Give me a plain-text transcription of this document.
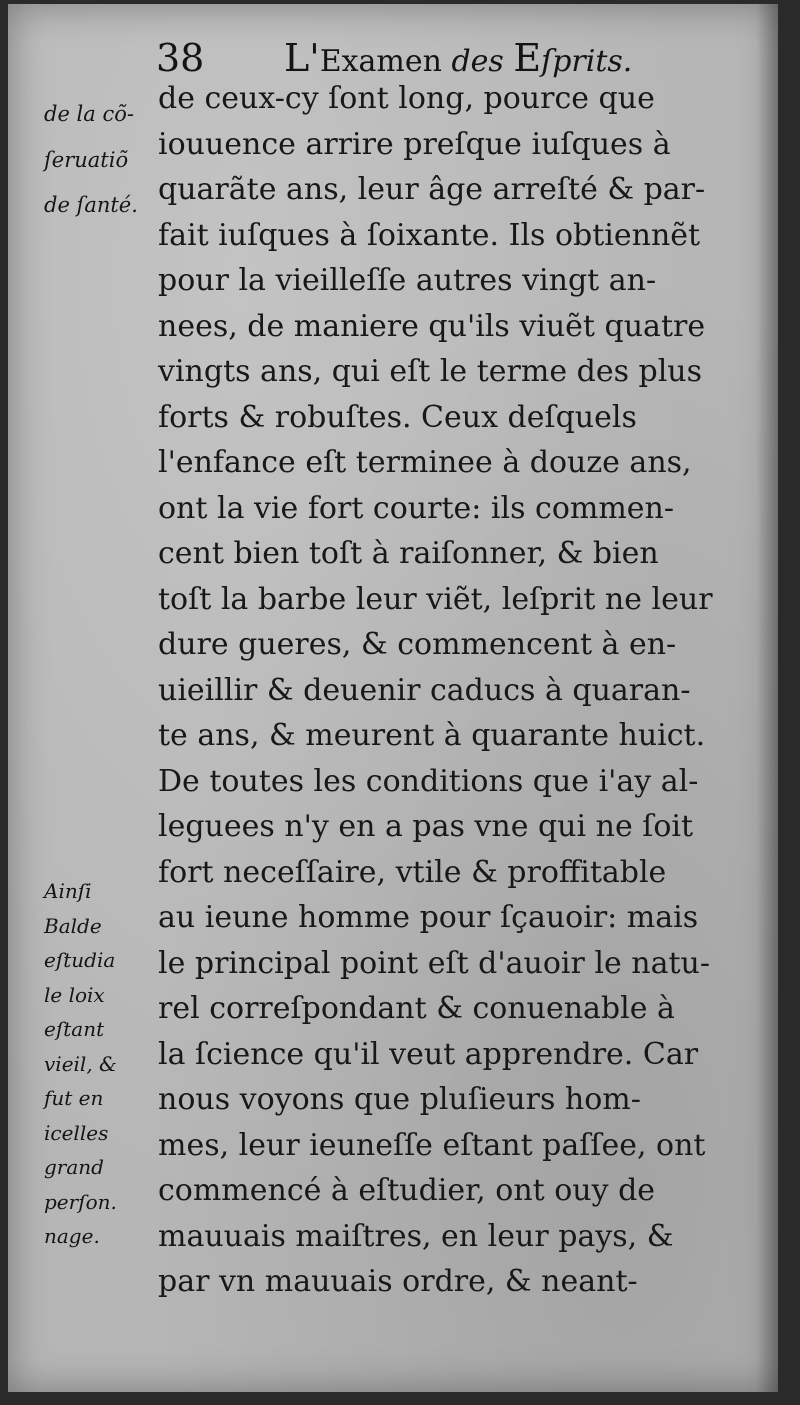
38 L'Examen des Eſprits.
de ceux-cy ſont long, pource que
iouuence arrire preſque iuſques à
quarãte ans, leur âge arreſté & par-
fait iuſques à ſoixante. Ils obtiennẽt
pour la vieilleſſe autres vingt an-
nees, de maniere qu'ils viuẽt quatre
vingts ans, qui eſt le terme des plus
forts & robuſtes. Ceux deſquels
l'enfance eſt terminee à douze ans,
ont la vie fort courte: ils commen-
cent bien toſt à raiſonner, & bien
toſt la barbe leur viẽt, leſprit ne leur
dure gueres, & commencent à en-
uieillir & deuenir caducs à quaran-
te ans, & meurent à quarante huict.
De toutes les conditions que i'ay al-
leguees n'y en a pas vne qui ne ſoit
fort neceſſaire, vtile & proffitable
au ieune homme pour ſçauoir: mais
le principal point eſt d'auoir le natu-
rel correſpondant & conuenable à
la ſcience qu'il veut apprendre. Car
nous voyons que pluſieurs hom-
mes, leur ieuneſſe eſtant paſſee, ont
commencé à eſtudier, ont ouy de
mauuais maiſtres, en leur pays, &
par vn mauuais ordre, & neant-
de la cõ-
ſeruatiõ
de ſanté.
Ainſi
Balde
eſtudia
le loix
eſtant
vieil, &
fut en
icelles
grand
perſon.
nage.
